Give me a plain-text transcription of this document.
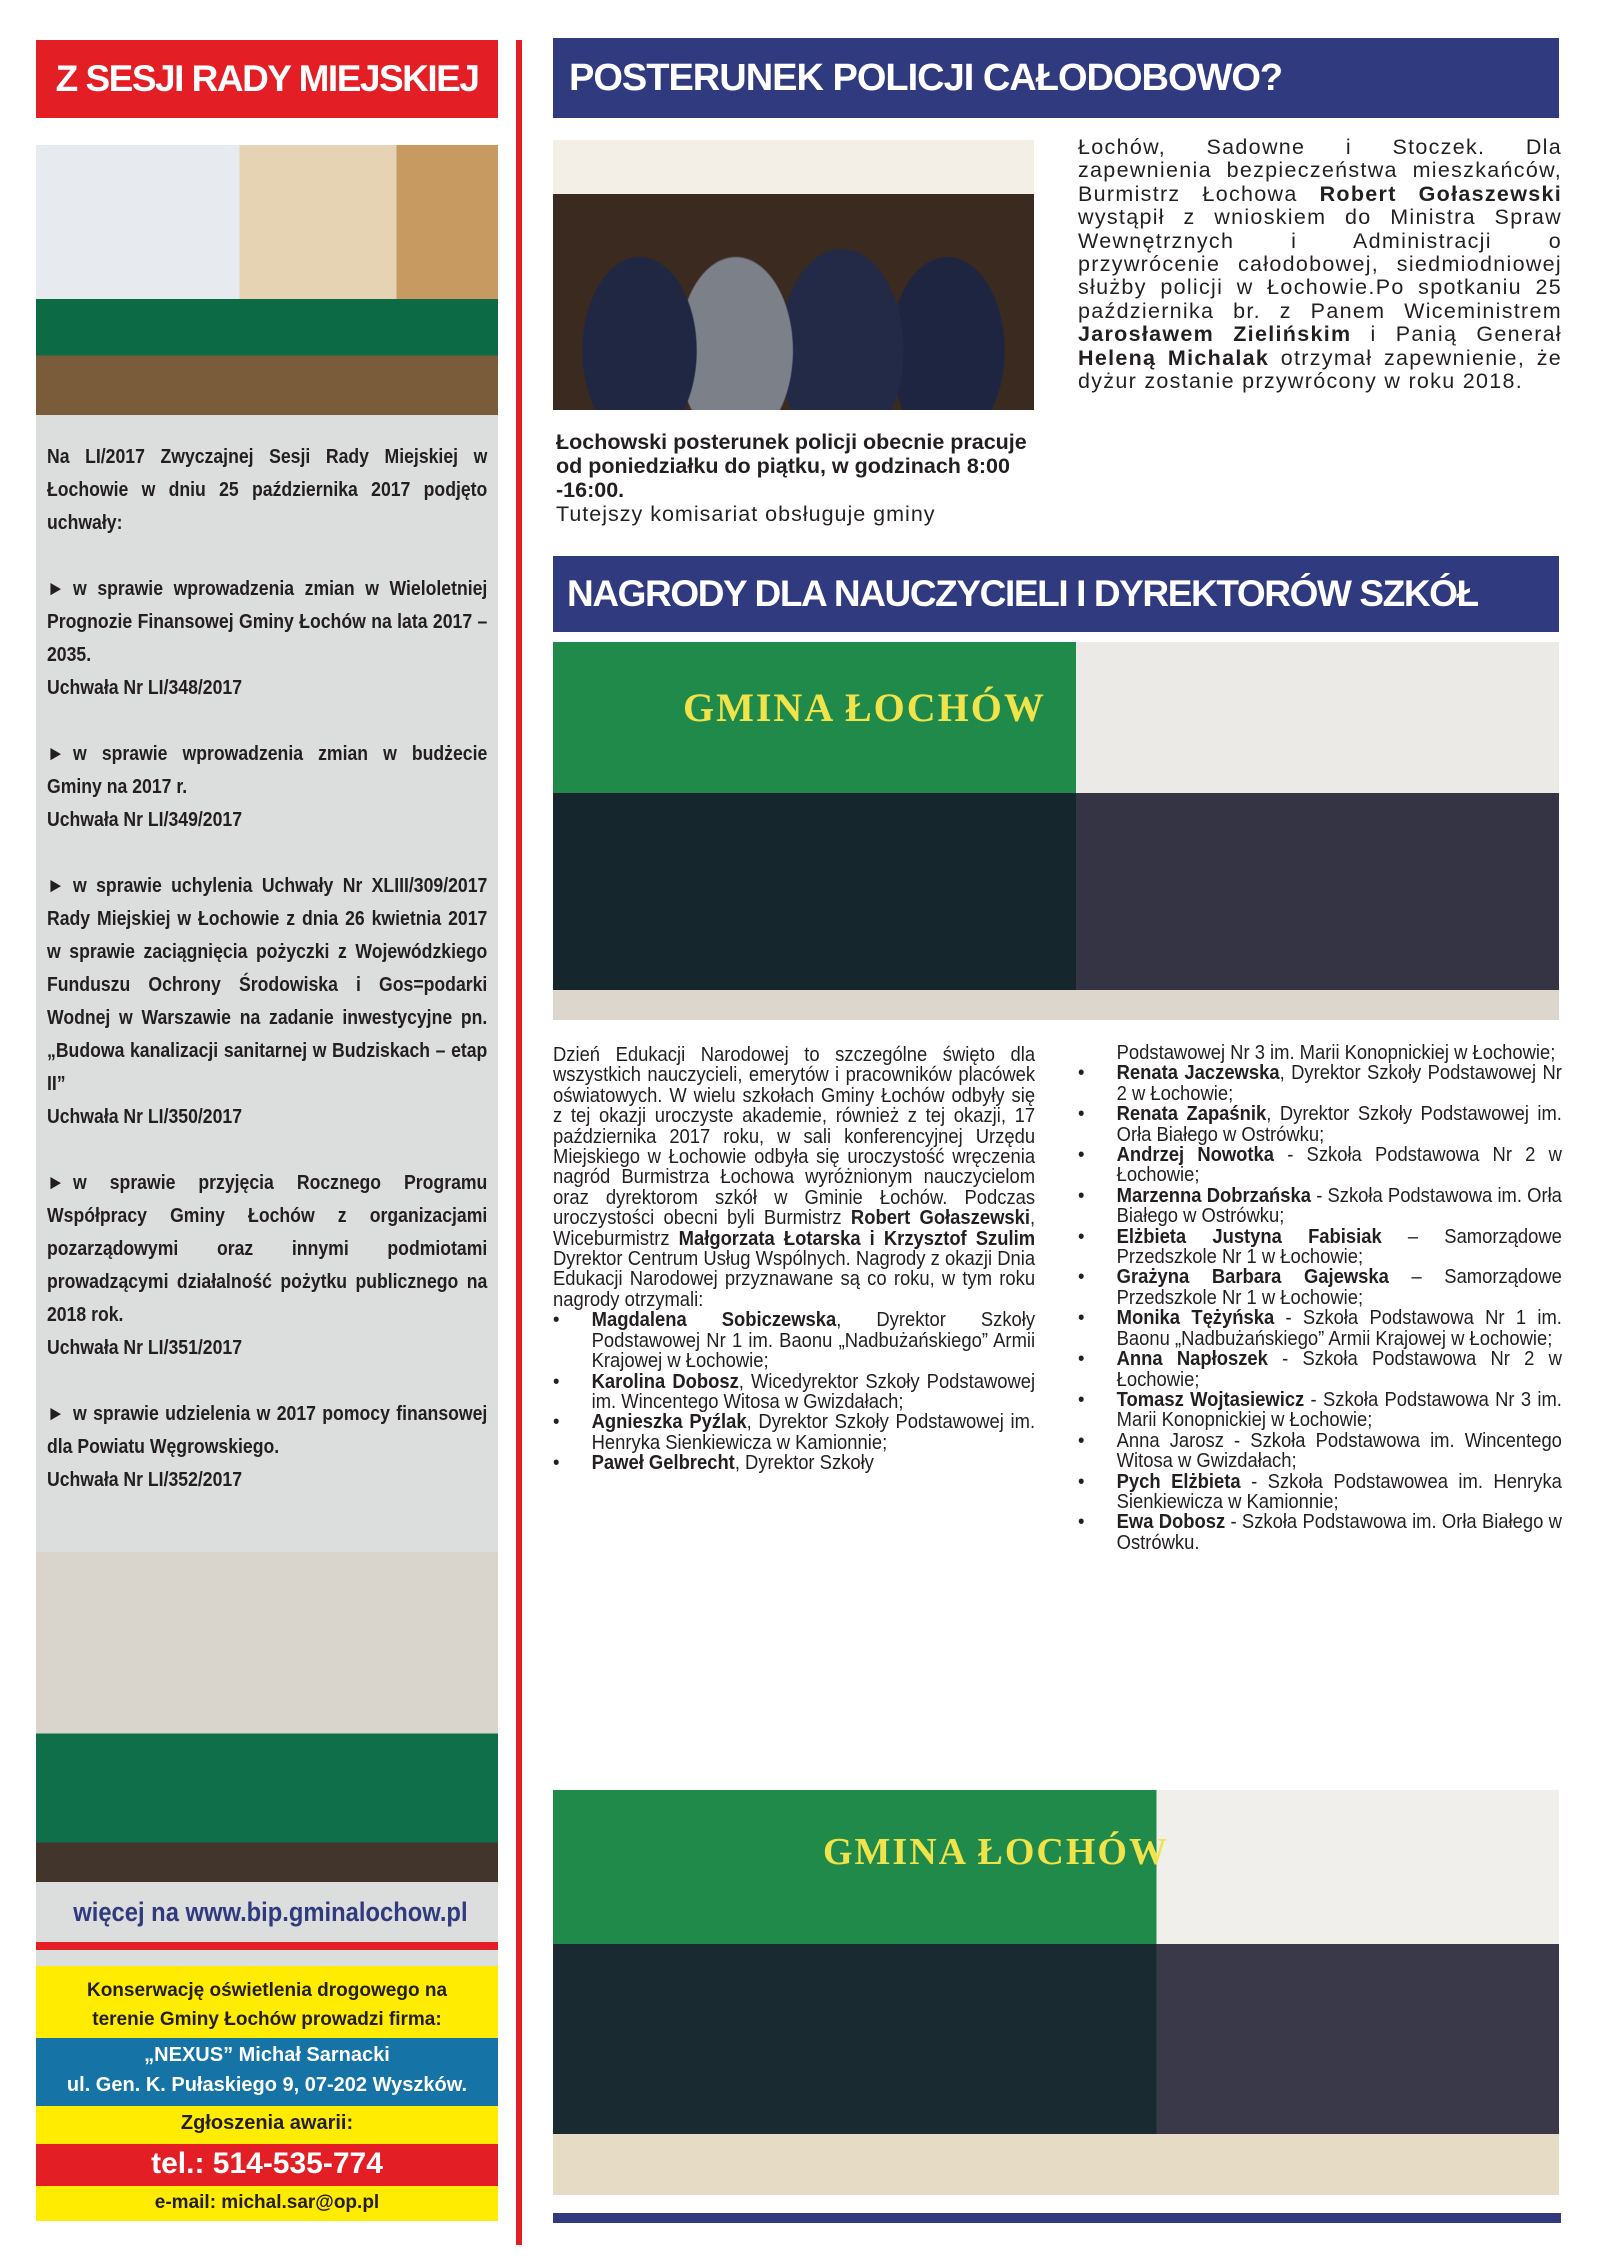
Z SESJI RADY MIEJSKIEJ	POSTERUNEK POLICJI CAŁODOBOWO?

Na LI/2017 Zwyczajnej Sesji Rady Miejskiej w Łochowie w dniu 25 października 2017 podjęto uchwały:

► w sprawie wprowadzenia zmian w Wieloletniej Prognozie Finansowej Gminy Łochów na lata 2017 – 2035.
Uchwała Nr LI/348/2017

► w sprawie wprowadzenia zmian w budżecie Gminy na 2017 r.
Uchwała Nr LI/349/2017

► w sprawie uchylenia Uchwały Nr XLIII/309/2017 Rady Miejskiej w Łochowie z dnia 26 kwietnia 2017 w sprawie zaciągnięcia pożyczki z Wojewódzkiego Funduszu Ochrony Środowiska i Gos=podarki Wodnej w Warszawie na zadanie inwestycyjne pn. „Budowa kanalizacji sanitarnej w Budziskach – etap II”
Uchwała Nr LI/350/2017

► w sprawie przyjęcia Rocznego Programu Współpracy Gminy Łochów z organizacjami pozarządowymi oraz innymi podmiotami prowadzącymi działalność pożytku publicznego na 2018 rok.
Uchwała Nr LI/351/2017

► w sprawie udzielenia w 2017 pomocy finansowej dla Powiatu Węgrowskiego.
Uchwała Nr LI/352/2017

więcej na www.bip.gminalochow.pl
Konserwację oświetlenia drogowego na
terenie Gminy Łochów prowadzi firma:
„NEXUS” Michał Sarnacki
ul. Gen. K. Pułaskiego 9, 07-202 Wyszków.
Zgłoszenia awarii:
tel.: 514-535-774
e-mail: michal.sar@op.pl
Łochowski posterunek policji obecnie pracuje od poniedziałku do piątku, w godzinach 8:00 -16:00.
Tutejszy komisariat obsługuje gminy
Łochów, Sadowne i Stoczek. Dla zapewnienia bezpieczeństwa mieszkańców, Burmistrz Łochowa Robert Gołaszewski wystąpił z wnioskiem do Ministra Spraw Wewnętrznych i Administracji o przywrócenie całodobowej, siedmiodniowej służby policji w Łochowie.Po spotkaniu 25 października br. z Panem Wiceministrem Jarosławem Zielińskim i Panią Generał Heleną Michalak otrzymał zapewnienie, że dyżur zostanie przywrócony w roku 2018.
NAGRODY DLA NAUCZYCIELI I DYREKTORÓW SZKÓŁ
GMINA ŁOCHÓW

Dzień Edukacji Narodowej to szczególne święto dla wszystkich nauczycieli, emerytów i pracowników placówek oświatowych. W wielu szkołach Gminy Łochów odbyły się z tej okazji uroczyste akademie, również z tej okazji, 17 października 2017 roku, w sali konferencyjnej Urzędu Miejskiego w Łochowie odbyła się uroczystość wręczenia nagród Burmistrza Łochowa wyróżnionym nauczycielom oraz dyrektorom szkół w Gminie Łochów. Podczas uroczystości obecni byli Burmistrz Robert Gołaszewski, Wiceburmistrz Małgorzata Łotarska i Krzysztof Szulim Dyrektor Centrum Usług Wspólnych. Nagrody z okazji Dnia Edukacji Narodowej przyznawane są co roku, w tym roku nagrody otrzymali:

• Magdalena Sobiczewska, Dyrektor Szkoły Podstawowej Nr 1 im. Baonu „Nadbużańskiego” Armii Krajowej w Łochowie;
• Karolina Dobosz, Wicedyrektor Szkoły Podstawowej im. Wincentego Witosa w Gwizdałach;
• Agnieszka Pyźlak, Dyrektor Szkoły Podstawowej im. Henryka Sienkiewicza w Kamionnie;
• Paweł Gelbrecht, Dyrektor Szkoły
Podstawowej Nr 3 im. Marii Konopnickiej w Łochowie;
• Renata Jaczewska, Dyrektor Szkoły Podstawowej Nr 2 w Łochowie;
• Renata Zapaśnik, Dyrektor Szkoły Podstawowej im. Orła Białego w Ostrówku;
• Andrzej Nowotka - Szkoła Podstawowa Nr 2 w Łochowie;
• Marzenna Dobrzańska - Szkoła Podstawowa im. Orła Białego w Ostrówku;
• Elżbieta Justyna Fabisiak – Samorządowe Przedszkole Nr 1 w Łochowie;
• Grażyna Barbara Gajewska – Samorządowe Przedszkole Nr 1 w Łochowie;
• Monika Tężyńska - Szkoła Podstawowa Nr 1 im. Baonu „Nadbużańskiego” Armii Krajowej w Łochowie;
• Anna Napłoszek - Szkoła Podstawowa Nr 2 w Łochowie;
• Tomasz Wojtasiewicz - Szkoła Podstawowa Nr 3 im. Marii Konopnickiej w Łochowie;
• Anna Jarosz - Szkoła Podstawowa im. Wincentego Witosa w Gwizdałach;
• Pych Elżbieta - Szkoła Podstawowea im. Henryka Sienkiewicza w Kamionnie;
• Ewa Dobosz - Szkoła Podstawowa im. Orła Białego w Ostrówku.
GMINA ŁOCHÓW
